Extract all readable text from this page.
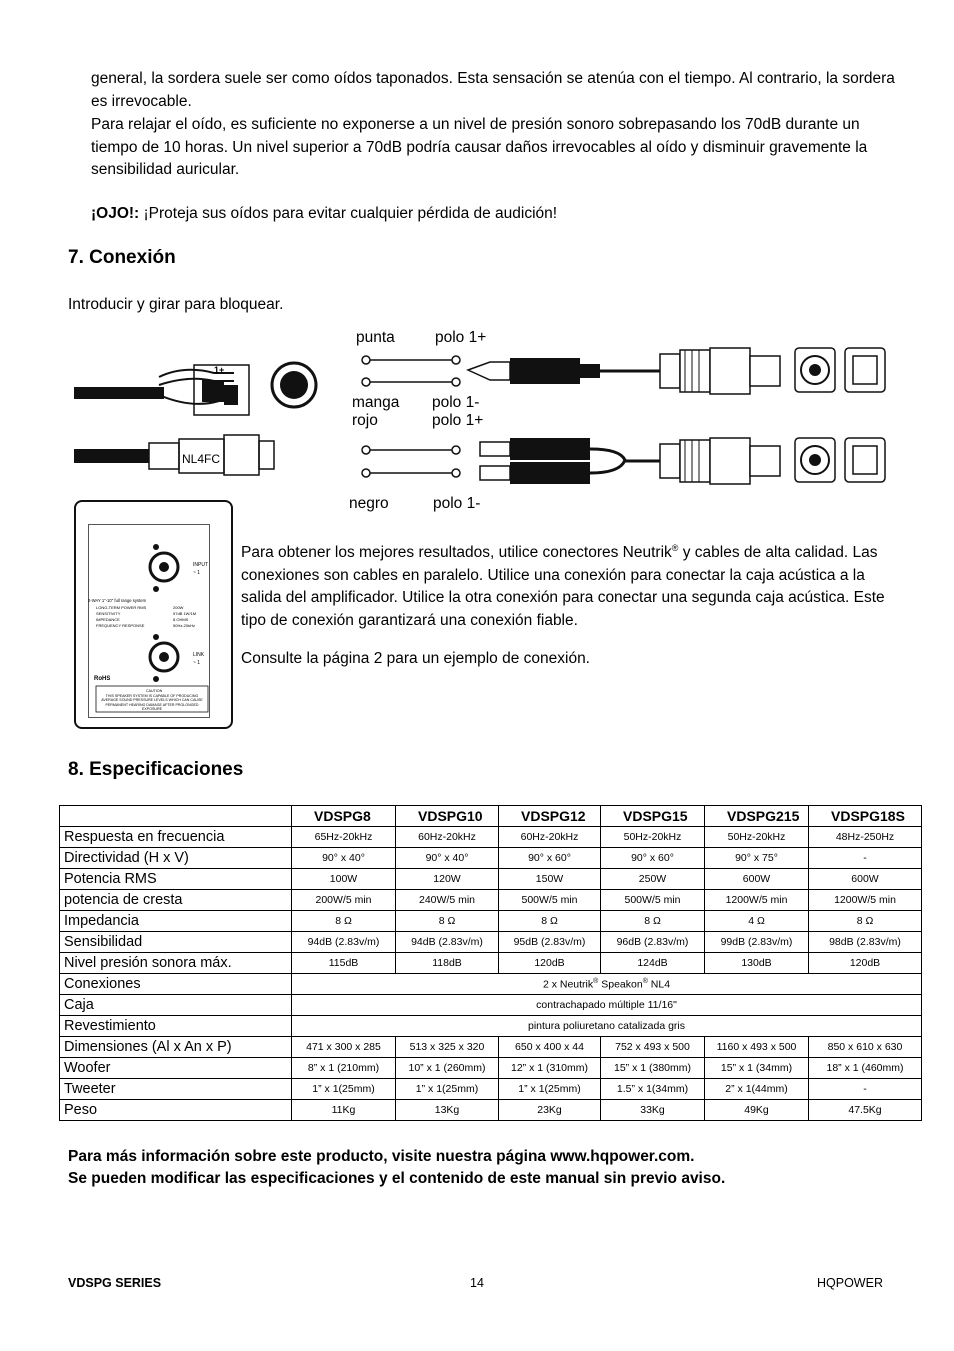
general, la sordera suele ser como oídos taponados. Esta sensación se atenúa con el tiempo. Al contrario, la sordera es irrevocable.
Para relajar el oído, es suficiente no exponerse a un nivel de presión sonoro sobrepasando los 70dB durante un tiempo de 10 horas. Un nivel superior a 70dB podría causar daños irrevocables al oído y disminuir gravemente la sensibilidad auricular.
¡OJO!: ¡Proteja sus oídos para evitar cualquier pérdida de audición!
7. Conexión
Introducir y girar para bloquear.
1+
NL4FC
punta	polo 1+
manga polo 1-
rojo	polo 1+
negro	polo 1-
INPUT
~ 1
LINK
~ 1
2-WAY 1"-10" full range system
LONG-TERM POWER RMS	200W
SENSITIVITY	97dB 1W/1M
IMPEDANCE	8 OHMS
FREQUENCY RESPONSE	50Hz-20kHz
RoHS
CAUTION
THIS SPEAKER SYSTEM IS CAPABLE OF PRODUCING AVERAGE SOUND PRESSURE LEVELS WHICH CAN CAUSE PERMANENT HEARING DAMAGE AFTER PROLONGED EXPOSURE
Para obtener los mejores resultados, utilice conectores Neutrik® y cables de alta calidad. Las conexiones son cables en paralelo. Utilice una conexión para conectar la caja acústica a la salida del amplificador. Utilice la otra conexión para conectar una segunda caja acústica. Este tipo de conexión garantizará una conexión fiable.
Consulte la página 2 para un ejemplo de conexión.
8. Especificaciones
	VDSPG8	VDSPG10	VDSPG12	VDSPG15	VDSPG215	VDSPG18S
Respuesta en frecuencia	65Hz-20kHz	60Hz-20kHz	60Hz-20kHz	50Hz-20kHz	50Hz-20kHz	48Hz-250Hz
Directividad (H x V)	90° x 40°	90° x 40°	90° x 60°	90° x 60°	90° x 75°	-
Potencia RMS	100W	120W	150W	250W	600W	600W
potencia de cresta	200W/5 min	240W/5 min	500W/5 min	500W/5 min	1200W/5 min	1200W/5 min
Impedancia	8 Ω	8 Ω	8 Ω	8 Ω	4 Ω	8 Ω
Sensibilidad	94dB (2.83v/m)	94dB (2.83v/m)	95dB (2.83v/m)	96dB (2.83v/m)	99dB (2.83v/m)	98dB (2.83v/m)
Nivel presión sonora máx.	115dB	118dB	120dB	124dB	130dB	120dB
Conexiones	2 x Neutrik® Speakon® NL4					
Caja	contrachapado múltiple 11/16"					
Revestimiento	pintura poliuretano catalizada gris					
Dimensiones (Al x An x P)	471 x 300 x 285	513 x 325 x 320	650 x 400 x 44	752 x 493 x 500	1160 x 493 x 500	850 x 610 x 630
Woofer	8” x 1 (210mm)	10” x 1 (260mm)	12” x 1 (310mm)	15” x 1 (380mm)	15” x 1 (34mm)	18” x 1 (460mm)
Tweeter	1” x 1(25mm)	1” x 1(25mm)	1” x 1(25mm)	1.5” x 1(34mm)	2” x 1(44mm)	-
Peso	11Kg	13Kg	23Kg	33Kg	49Kg	47.5Kg
Para más información sobre este producto, visite nuestra página www.hqpower.com.
Se pueden modificar las especificaciones y el contenido de este manual sin previo aviso.
VDSPG SERIES	14	HQPOWER
